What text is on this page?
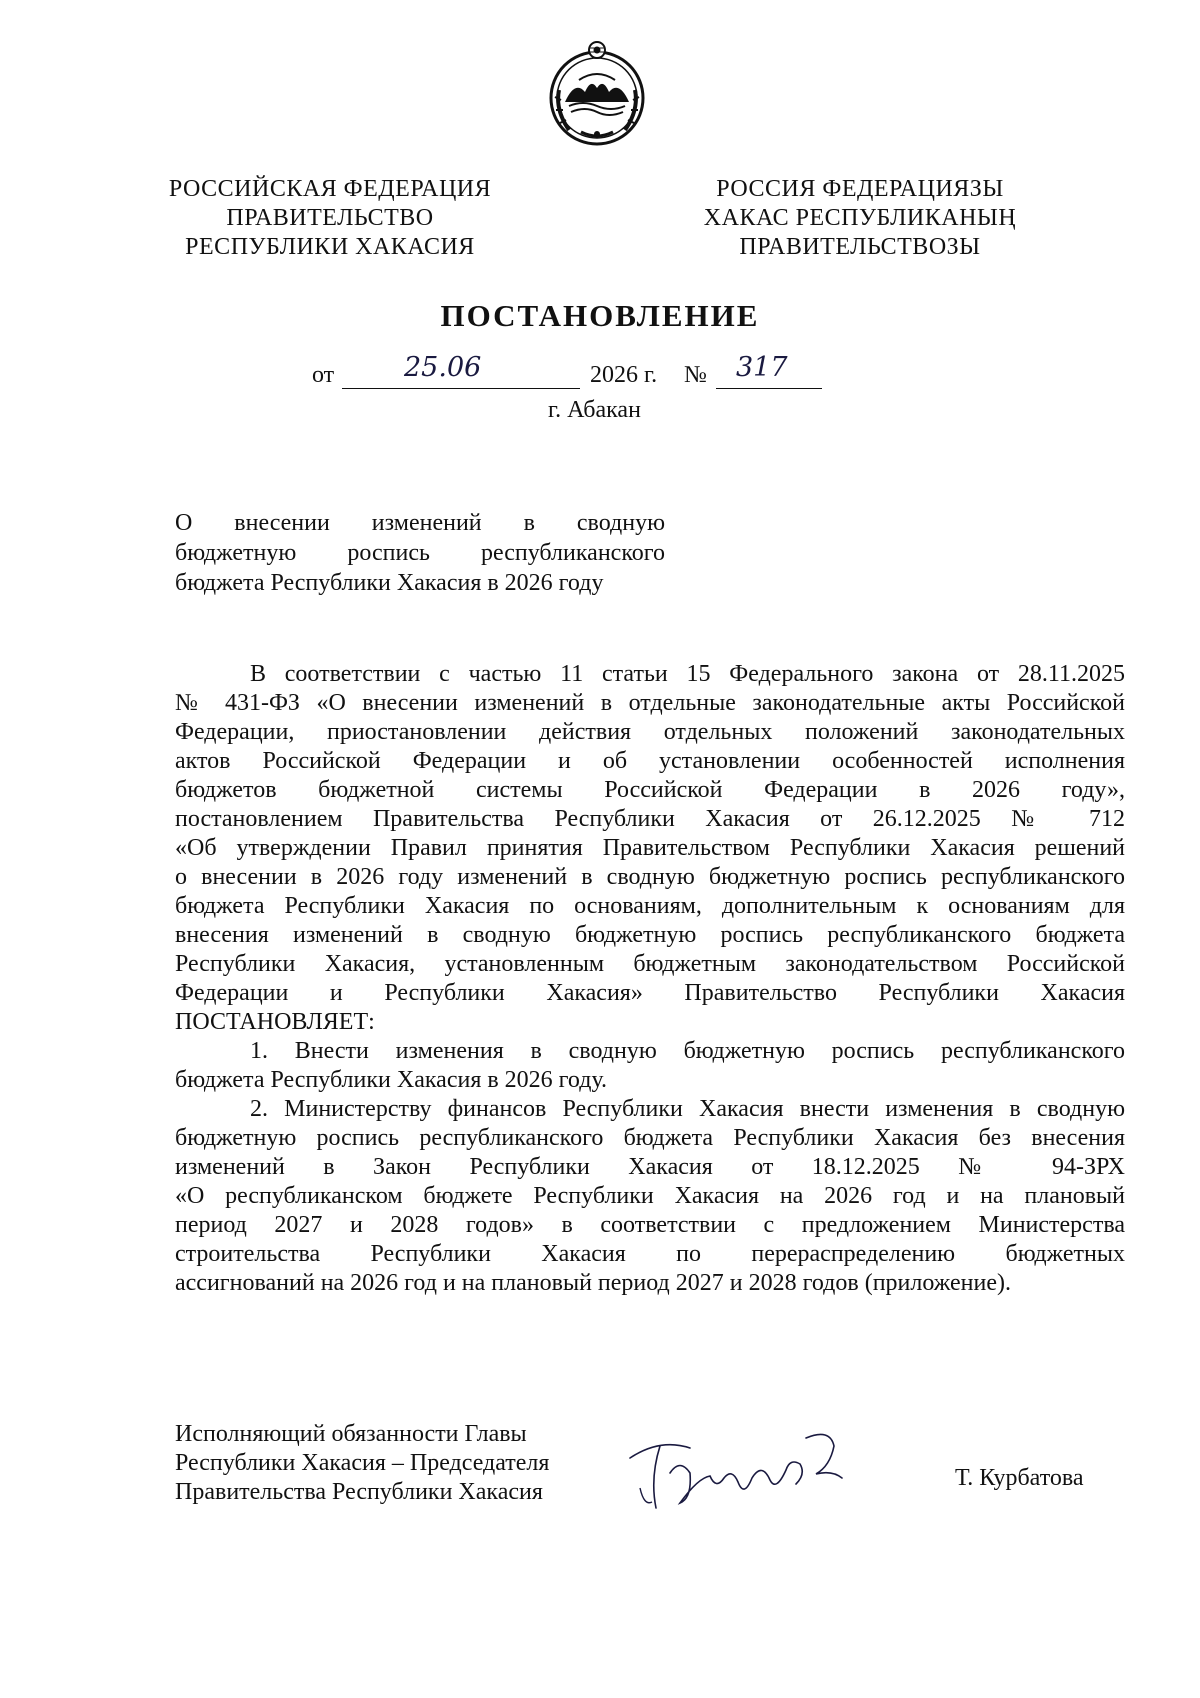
РОССИЙСКАЯ ФЕДЕРАЦИЯ
ПРАВИТЕЛЬСТВО
РЕСПУБЛИКИ ХАКАСИЯ
РОССИЯ ФЕДЕРАЦИЯЗЫ
ХАКАС РЕСПУБЛИКАНЫҢ
ПРАВИТЕЛЬСТВОЗЫ
ПОСТАНОВЛЕНИЕ
от	25.06	2026 г. № 317
г. Абакан
О внесении изменений в сводную
бюджетную роспись республиканского
бюджета Республики Хакасия в 2026 году
В соответствии с частью 11 статьи 15 Федерального закона от 28.11.2025
№ 431-ФЗ «О внесении изменений в отдельные законодательные акты Российской
Федерации, приостановлении действия отдельных положений законодательных
актов Российской Федерации и об установлении особенностей исполнения
бюджетов бюджетной системы Российской Федерации в 2026 году»,
постановлением Правительства Республики Хакасия от 26.12.2025 № 712
«Об утверждении Правил принятия Правительством Республики Хакасия решений
о внесении в 2026 году изменений в сводную бюджетную роспись республиканского
бюджета Республики Хакасия по основаниям, дополнительным к основаниям для
внесения изменений в сводную бюджетную роспись республиканского бюджета
Республики Хакасия, установленным бюджетным законодательством Российской
Федерации и Республики Хакасия» Правительство Республики Хакасия
ПОСТАНОВЛЯЕТ:
1. Внести изменения в сводную бюджетную роспись республиканского
бюджета Республики Хакасия в 2026 году.
2. Министерству финансов Республики Хакасия внести изменения в сводную
бюджетную роспись республиканского бюджета Республики Хакасия без внесения
изменений в Закон Республики Хакасия от 18.12.2025 № 94-ЗРХ
«О республиканском бюджете Республики Хакасия на 2026 год и на плановый
период 2027 и 2028 годов» в соответствии с предложением Министерства
строительства Республики Хакасия по перераспределению бюджетных
ассигнований на 2026 год и на плановый период 2027 и 2028 годов (приложение).
Исполняющий обязанности Главы
Республики Хакасия – Председателя
Правительства Республики Хакасия
Т. Курбатова
